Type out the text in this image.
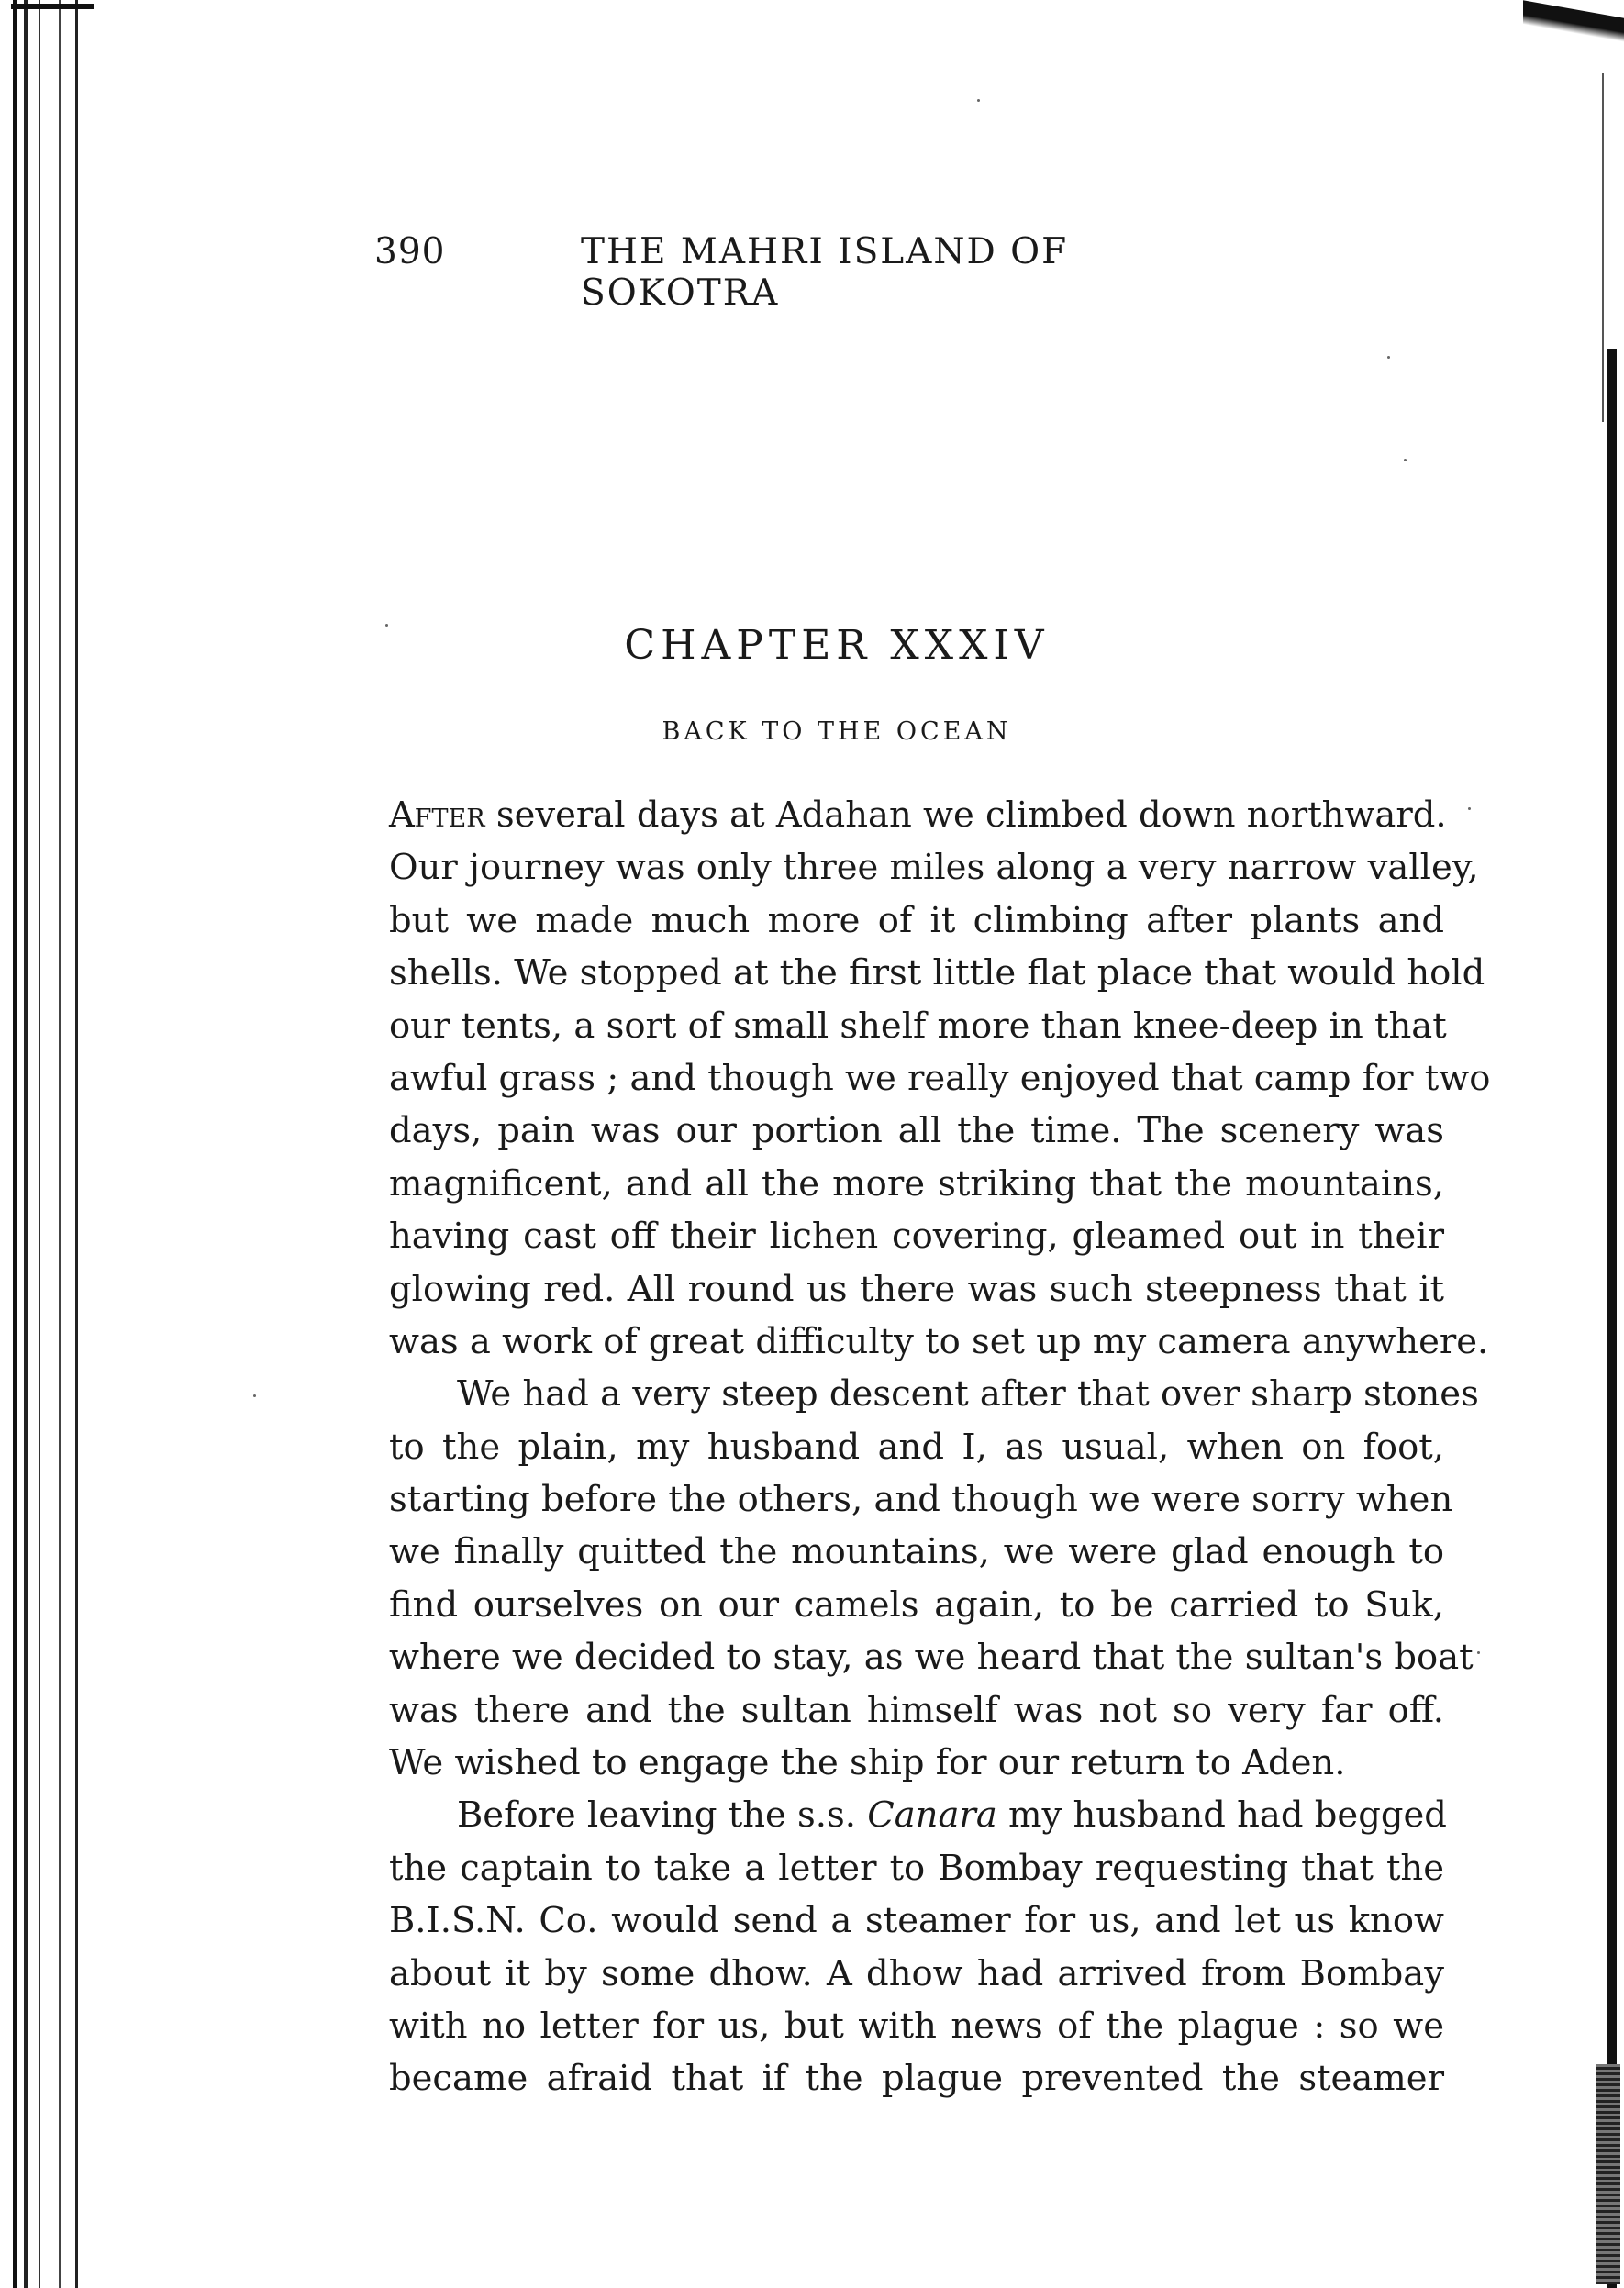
390	THE MAHRI ISLAND OF SOKOTRA
CHAPTER XXXIV
BACK TO THE OCEAN
After several days at Adahan we climbed down northward.
Our journey was only three miles along a very narrow valley,
but we made much more of it climbing after plants and
shells. We stopped at the first little flat place that would hold
our tents, a sort of small shelf more than knee-deep in that
awful grass ; and though we really enjoyed that camp for two
days, pain was our portion all the time. The scenery was
magnificent, and all the more striking that the mountains,
having cast off their lichen covering, gleamed out in their
glowing red. All round us there was such steepness that it
was a work of great difficulty to set up my camera anywhere.
We had a very steep descent after that over sharp stones
to the plain, my husband and I, as usual, when on foot,
starting before the others, and though we were sorry when
we finally quitted the mountains, we were glad enough to
find ourselves on our camels again, to be carried to Suk,
where we decided to stay, as we heard that the sultan's boat
was there and the sultan himself was not so very far off.
We wished to engage the ship for our return to Aden.
Before leaving the s.s. Canara my husband had begged
the captain to take a letter to Bombay requesting that the
B.I.S.N. Co. would send a steamer for us, and let us know
about it by some dhow. A dhow had arrived from Bombay
with no letter for us, but with news of the plague : so we
became afraid that if the plague prevented the steamer
